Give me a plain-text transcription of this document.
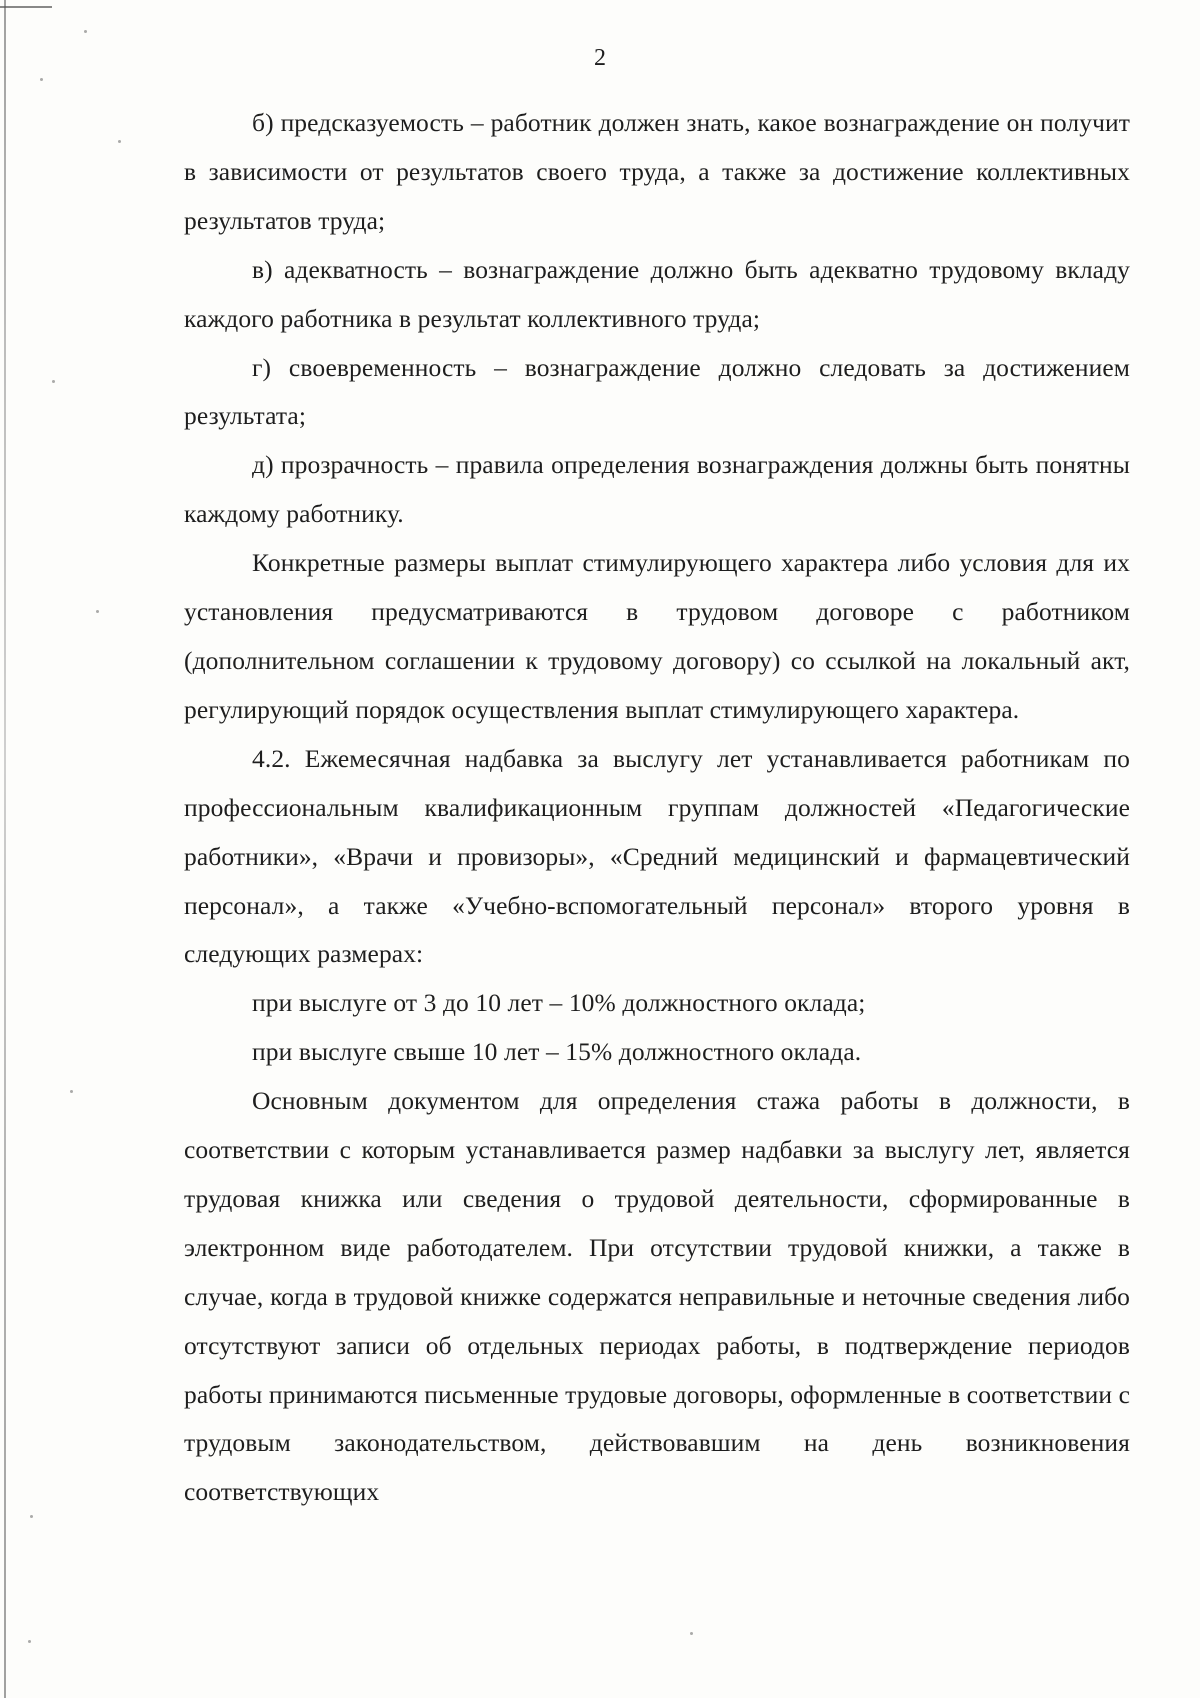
2

б) предсказуемость – работник должен знать, какое вознаграждение он получит в зависимости от результатов своего труда, а также за достижение коллективных результатов труда;

в) адекватность – вознаграждение должно быть адекватно трудовому вкладу каждого работника в результат коллективного труда;

г) своевременность – вознаграждение должно следовать за достижением результата;

д) прозрачность – правила определения вознаграждения должны быть понятны каждому работнику.

Конкретные размеры выплат стимулирующего характера либо условия для их установления предусматриваются в трудовом договоре с работником (дополнительном соглашении к трудовому договору) со ссылкой на локальный акт, регулирующий порядок осуществления выплат стимулирующего характера.

4.2. Ежемесячная надбавка за выслугу лет устанавливается работникам по профессиональным квалификационным группам должностей «Педагогические работники», «Врачи и провизоры», «Средний медицинский и фармацевтический персонал», а также «Учебно-вспомогательный персонал» второго уровня в следующих размерах:

при выслуге от 3 до 10 лет – 10% должностного оклада;

при выслуге свыше 10 лет – 15% должностного оклада.

Основным документом для определения стажа работы в должности, в соответствии с которым устанавливается размер надбавки за выслугу лет, является трудовая книжка или сведения о трудовой деятельности, сформированные в электронном виде работодателем. При отсутствии трудовой книжки, а также в случае, когда в трудовой книжке содержатся неправильные и неточные сведения либо отсутствуют записи об отдельных периодах работы, в подтверждение периодов работы принимаются письменные трудовые договоры, оформленные в соответствии с трудовым законодательством, действовавшим на день возникновения соответствующих
